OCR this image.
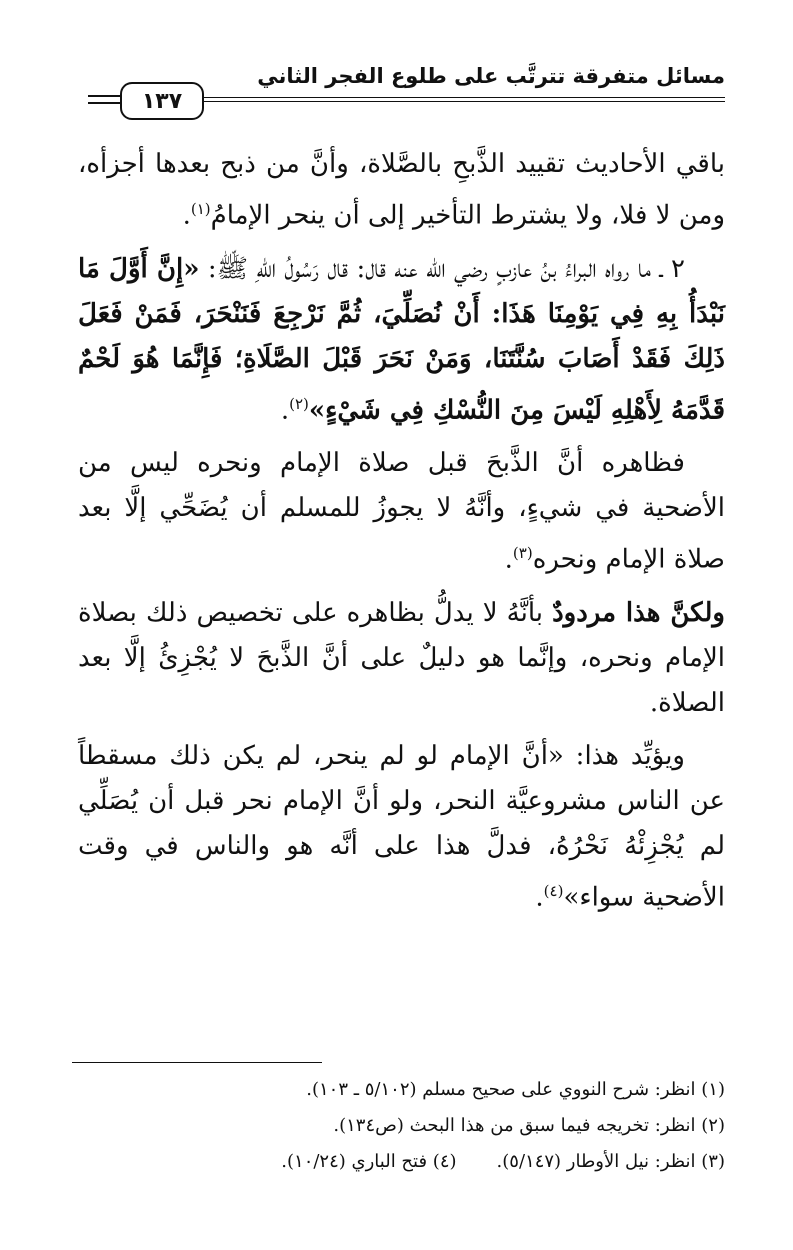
مسائل متفرقة تترتَّب على طلوع الفجر الثاني
١٣٧

باقي الأحاديث تقييد الذَّبحِ بالصَّلاة، وأنَّ من ذبح بعدها أجزأه، ومن لا فلا، ولا يشترط التأخير إلى أن ينحر الإمامُ$^{(١)}$.

٢ ـ ما رواه البراءُ بنُ عازبٍ رضي الله عنه قال: قال رَسُولُ اللهِ ﷺ: «إِنَّ أَوَّلَ مَا نَبْدَأُ بِهِ فِي يَوْمِنَا هَذَا: أَنْ نُصَلِّيَ، ثُمَّ نَرْجِعَ فَنَنْحَرَ، فَمَنْ فَعَلَ ذَلِكَ فَقَدْ أَصَابَ سُنَّتَنَا، وَمَنْ نَحَرَ قَبْلَ الصَّلَاةِ؛ فَإِنَّمَا هُوَ لَحْمٌ قَدَّمَهُ لِأَهْلِهِ لَيْسَ مِنَ النُّسْكِ فِي شَيْءٍ»$^{(٢)}$.

فظاهره أنَّ الذَّبحَ قبل صلاة الإمام ونحره ليس من الأضحية في شيءٍ، وأنَّهُ لا يجوزُ للمسلم أن يُضَحِّي إلَّا بعد صلاة الإمام ونحره$^{(٣)}$.

ولكنَّ هذا مردودٌ بأنَّهُ لا يدلُّ بظاهره على تخصيص ذلك بصلاة الإمام ونحره، وإنَّما هو دليلٌ على أنَّ الذَّبحَ لا يُجْزِئُ إلَّا بعد الصلاة.

ويؤيِّد هذا: «أنَّ الإمام لو لم ينحر، لم يكن ذلك مسقطاً عن الناس مشروعيَّة النحر، ولو أنَّ الإمام نحر قبل أن يُصَلِّي لم يُجْزِئْهُ نَحْرُهُ، فدلَّ هذا على أنَّه هو والناس في وقت الأضحية سواء»$^{(٤)}$.

(١) انظر: شرح النووي على صحيح مسلم (٥/١٠٢ ـ ١٠٣).
(٢) انظر: تخريجه فيما سبق من هذا البحث (ص١٣٤).
(٣) انظر: نيل الأوطار (٥/١٤٧).(٤) فتح الباري (١٠/٢٤).
